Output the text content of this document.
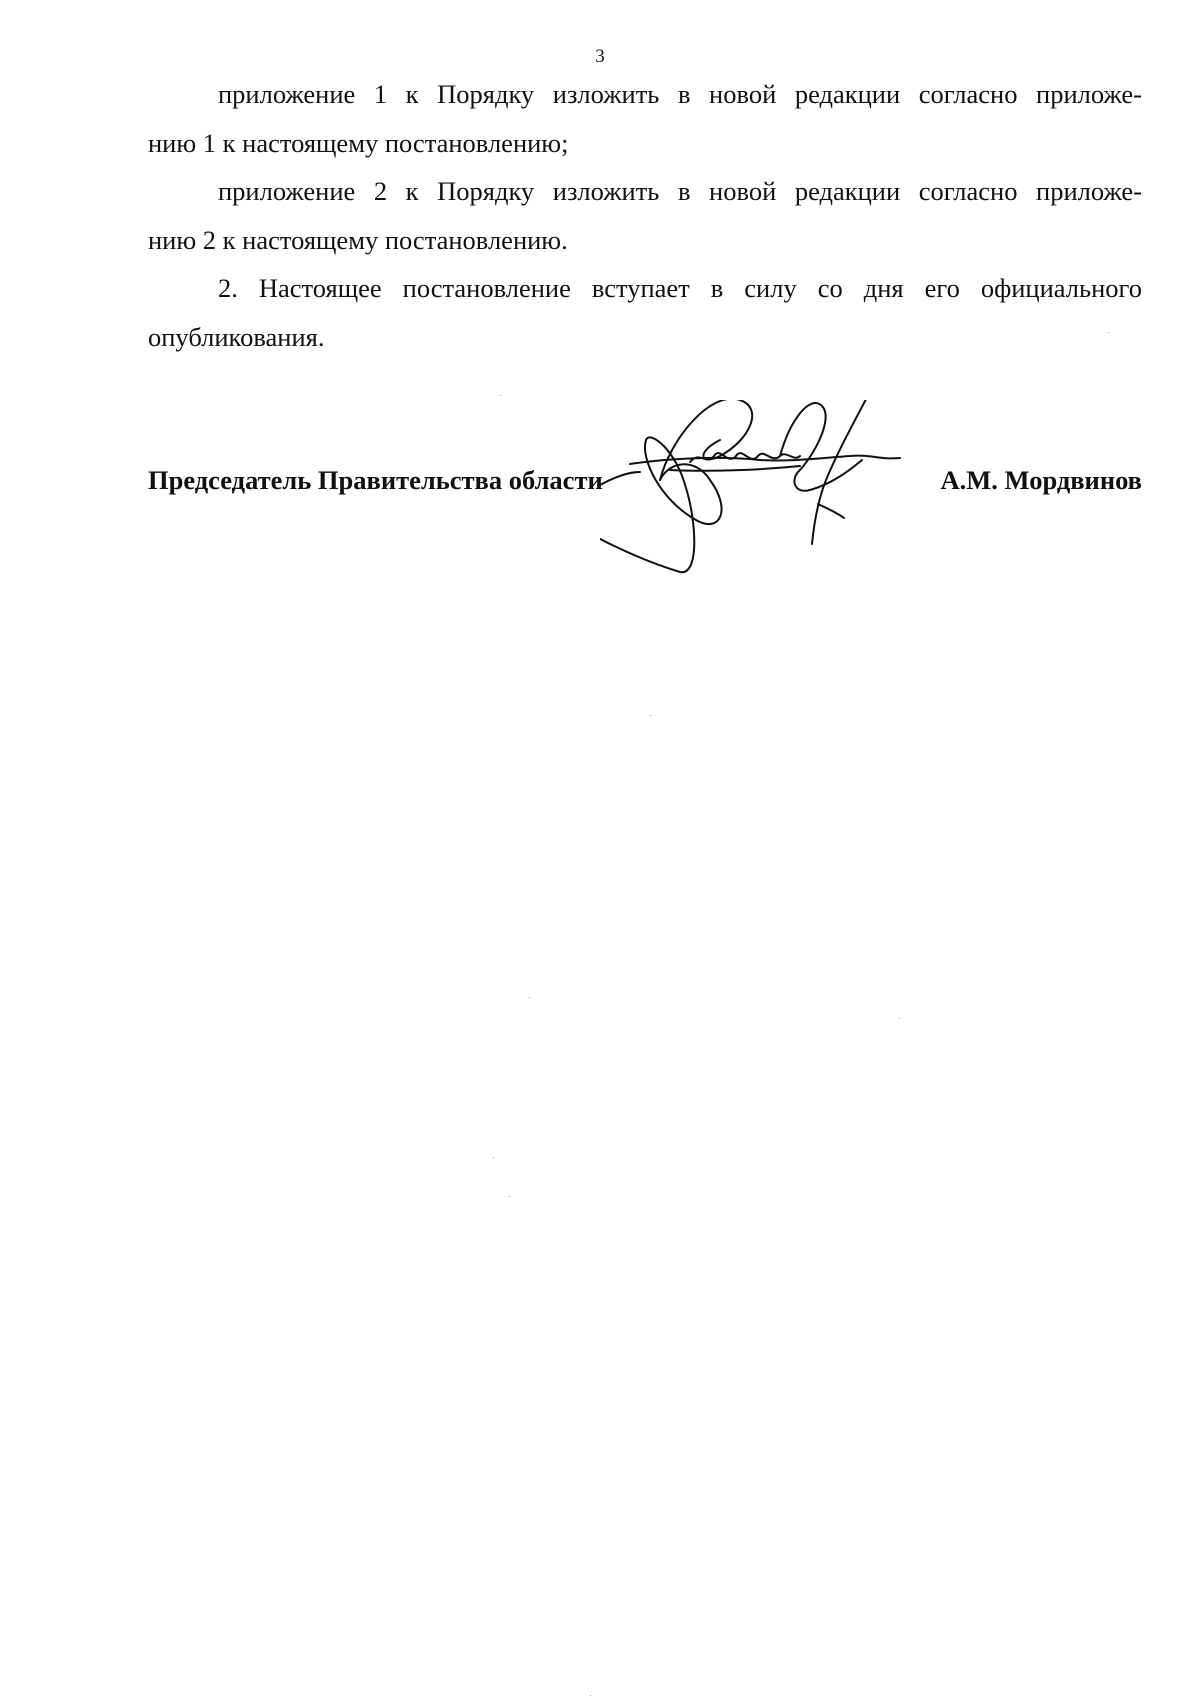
3

приложение 1 к Порядку изложить в новой редакции согласно приложе-

нию 1 к настоящему постановлению;

приложение 2 к Порядку изложить в новой редакции согласно приложе-

нию 2 к настоящему постановлению.

2. Настоящее постановление вступает в силу со дня его официального

опубликования.

Председатель Правительства области	А.М. Мордвинов
